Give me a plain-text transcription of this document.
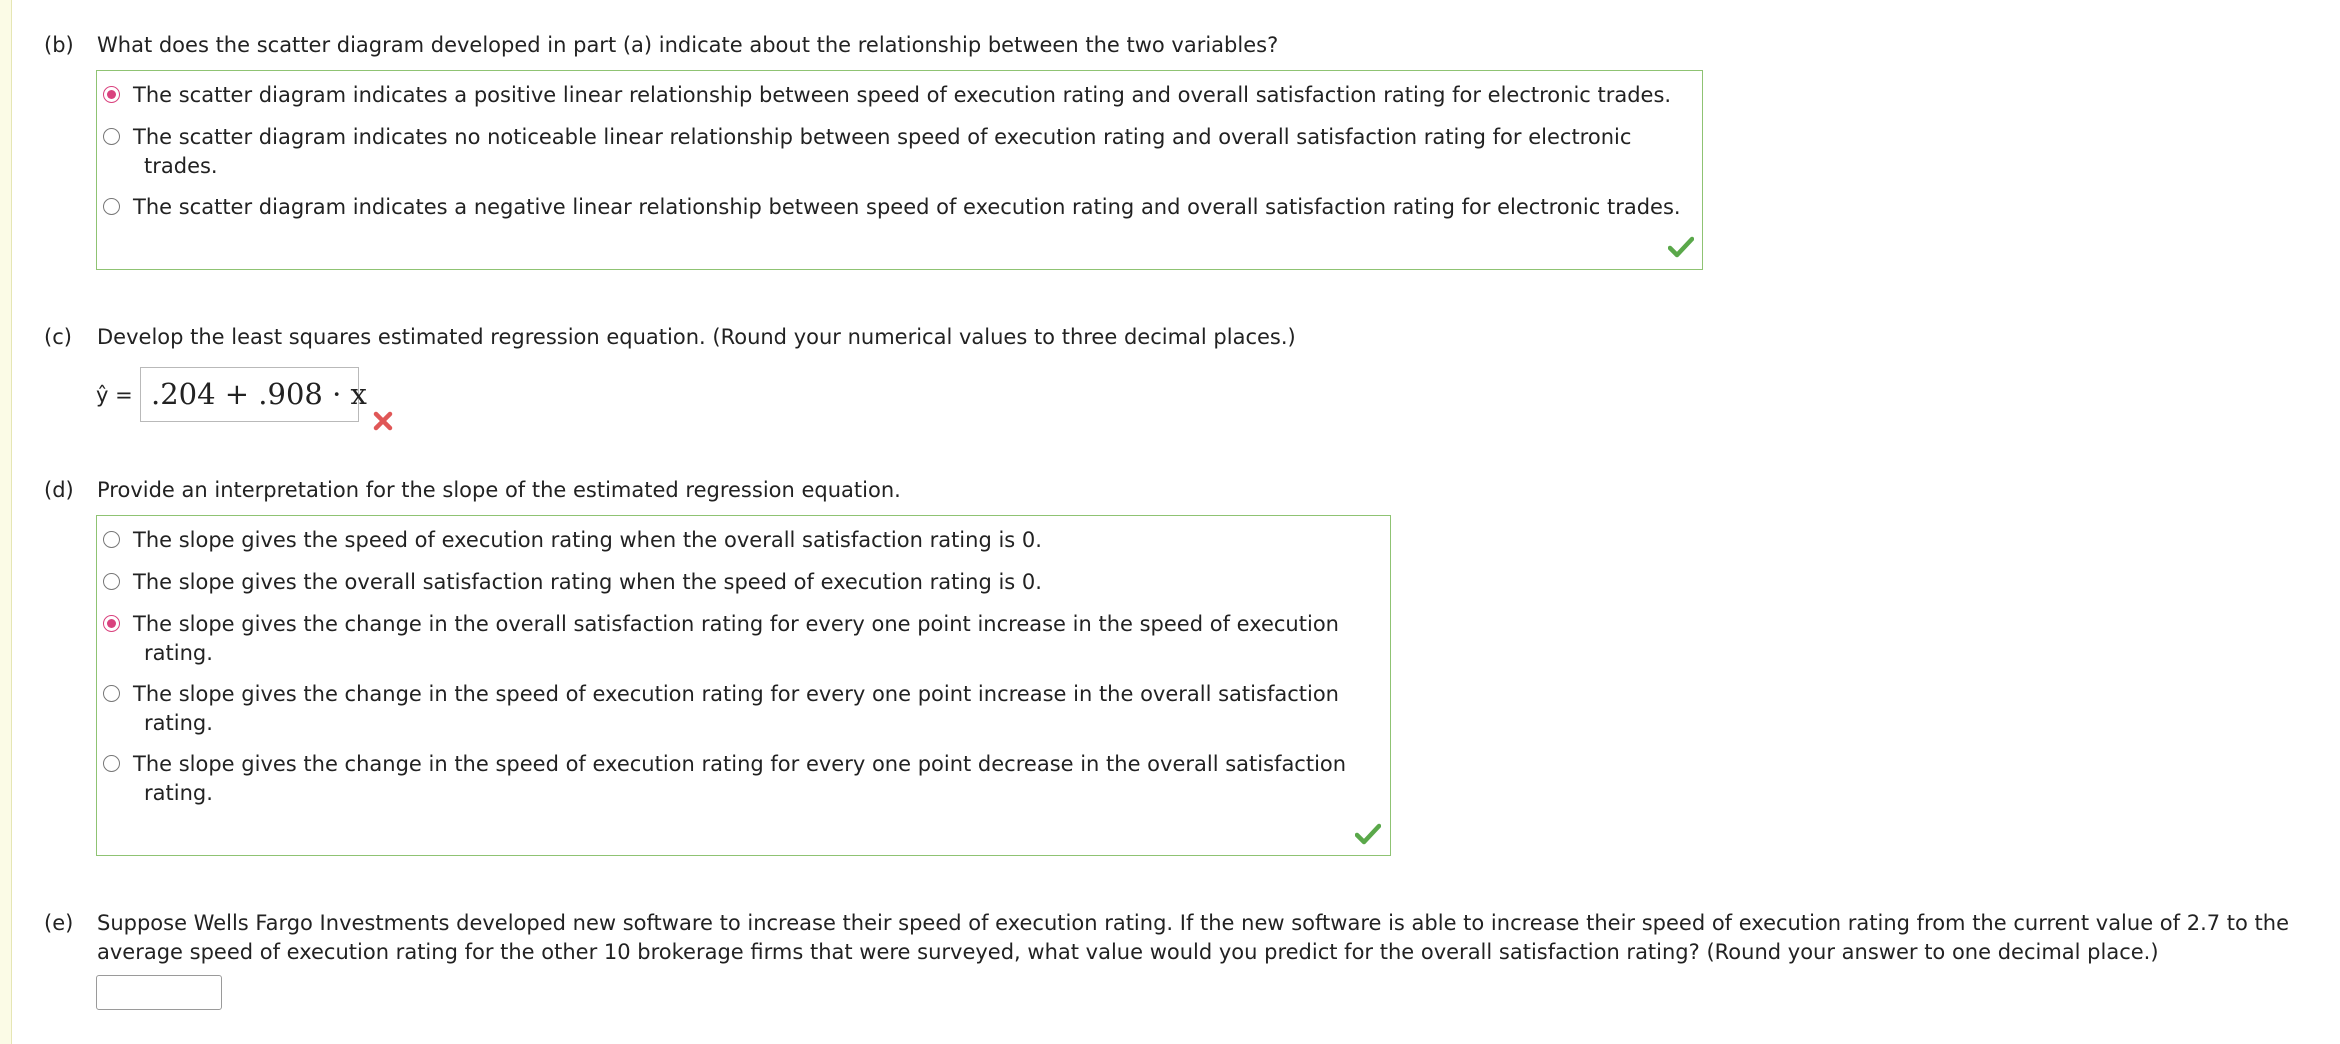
(b) What does the scatter diagram developed in part (a) indicate about the relationship between the two variables?
The scatter diagram indicates a positive linear relationship between speed of execution rating and overall satisfaction rating for electronic trades.
The scatter diagram indicates no noticeable linear relationship between speed of execution rating and overall satisfaction rating for electronic
trades.
The scatter diagram indicates a negative linear relationship between speed of execution rating and overall satisfaction rating for electronic trades.
(c) Develop the least squares estimated regression equation. (Round your numerical values to three decimal places.)
ŷ = .204 + .908 · x
(d) Provide an interpretation for the slope of the estimated regression equation.
The slope gives the speed of execution rating when the overall satisfaction rating is 0.
The slope gives the overall satisfaction rating when the speed of execution rating is 0.
The slope gives the change in the overall satisfaction rating for every one point increase in the speed of execution
rating.
The slope gives the change in the speed of execution rating for every one point increase in the overall satisfaction
rating.
The slope gives the change in the speed of execution rating for every one point decrease in the overall satisfaction
rating.
(e) Suppose Wells Fargo Investments developed new software to increase their speed of execution rating. If the new software is able to increase their speed of execution rating from the current value of 2.7 to the
average speed of execution rating for the other 10 brokerage firms that were surveyed, what value would you predict for the overall satisfaction rating? (Round your answer to one decimal place.)
